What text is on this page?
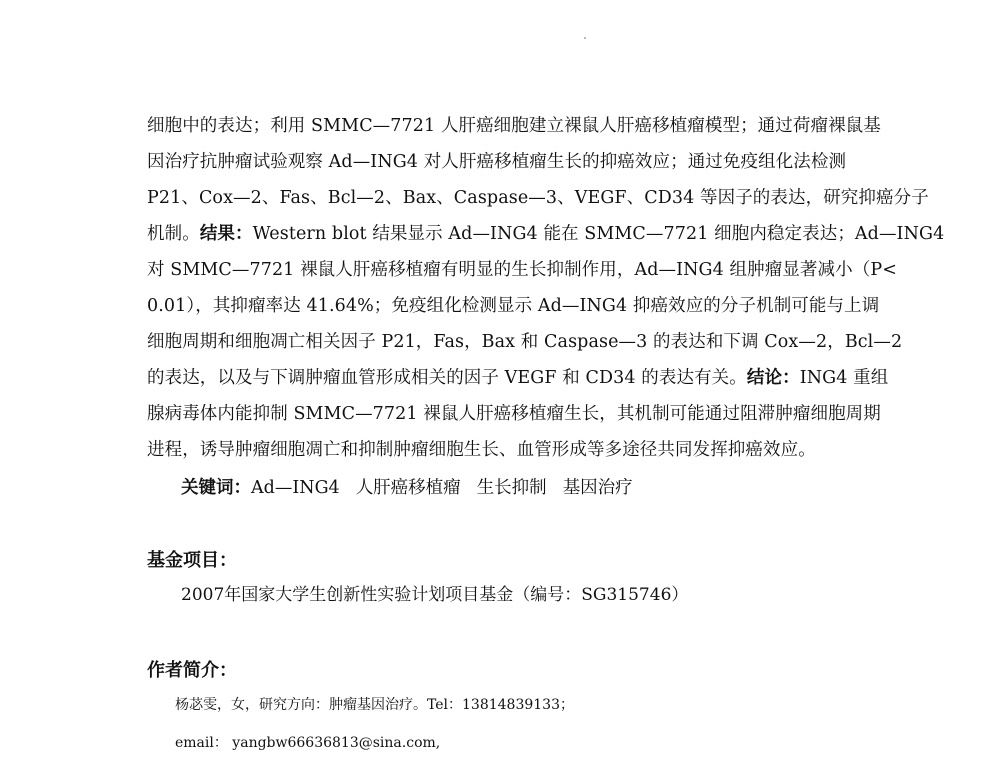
细胞中的表达；利用 SMMC—7721 人肝癌细胞建立裸鼠人肝癌移植瘤模型；通过荷瘤裸鼠基
因治疗抗肿瘤试验观察 Ad—ING4 对人肝癌移植瘤生长的抑癌效应；通过免疫组化法检测
P21、Cox—2、Fas、Bcl—2、Bax、Caspase—3、VEGF、CD34 等因子的表达，研究抑癌分子
机制。结果：Western blot 结果显示 Ad—ING4 能在 SMMC—7721 细胞内稳定表达；Ad—ING4
对 SMMC—7721 裸鼠人肝癌移植瘤有明显的生长抑制作用，Ad—ING4 组肿瘤显著减小（P<
0.01），其抑瘤率达 41.64%；免疫组化检测显示 Ad—ING4 抑癌效应的分子机制可能与上调
细胞周期和细胞凋亡相关因子 P21，Fas，Bax 和 Caspase—3 的表达和下调 Cox—2，Bcl—2
的表达，以及与下调肿瘤血管形成相关的因子 VEGF 和 CD34 的表达有关。结论：ING4 重组
腺病毒体内能抑制 SMMC—7721 裸鼠人肝癌移植瘤生长，其机制可能通过阻滞肿瘤细胞周期
进程，诱导肿瘤细胞凋亡和抑制肿瘤细胞生长、血管形成等多途径共同发挥抑癌效应。
关键词：Ad—ING4 人肝癌移植瘤 生长抑制 基因治疗
基金项目：
2007年国家大学生创新性实验计划项目基金（编号：SG315746）
作者简介：
杨苾雯，女，研究方向：肿瘤基因治疗。Tel：13814839133；
email： yangbw66636813@sina.com,
